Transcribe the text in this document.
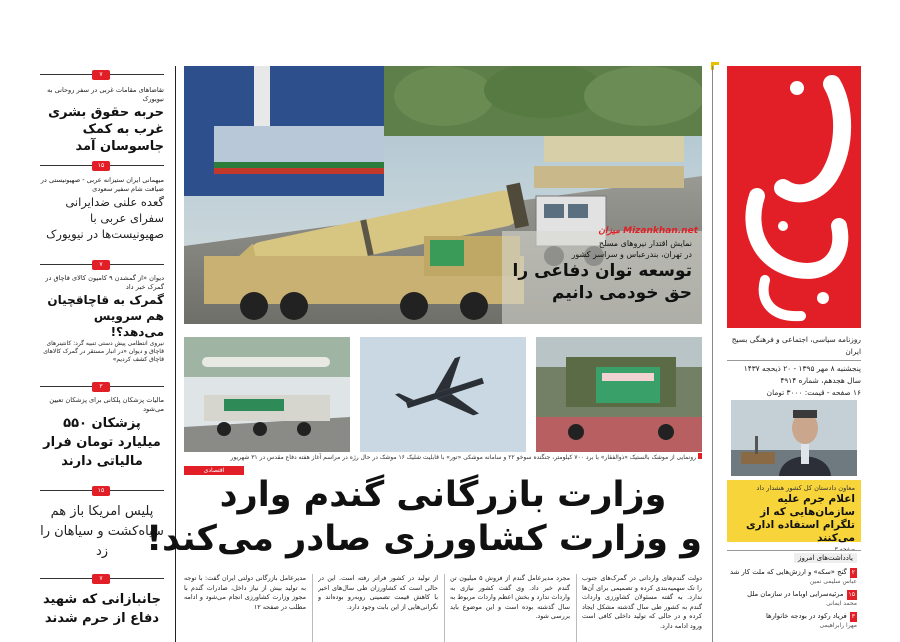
روزنامه سیاسی، اجتماعی و فرهنگی بسیج ایران
پنجشنبه ۸ مهر ۱۳۹۵ - ۲۰ ذیحجه ۱۴۳۷
سال هجدهم، شماره ۴۹۱۴
۱۶ صفحه - قیمت: ۳۰۰۰ تومان
معاون دادستان کل کشور هشدار داد
اعلام جرم علیه سازمان‌هایی که از تلگرام استفاده اداری می‌کنند
صفحه ۳
یادداشت‌های امروز
۲گنج «سکه» و ارزش‌هایی که ملت کار شد
عباس سلیمی نمین
۱۵مرثیه‌سرایی اوباما در سازمان ملل
محمد ایمانی
۳فریاد رکود در بودجه‌ خانوارها
مهرا رابراهیمی
۷
تقاضاهای مقامات غربی در سفر روحانی به نیویورک
حربه حقوق بشری غرب به کمک جاسوسان آمد
۱۵
میهمانی ایران ستیزانه عربی - صهیونیستی در ضیافت شام سفیر سعودی
گعده علنی ضدایرانی سفرای عربی با صهیونیست‌ها در نیویورک
۷
دیوان «از گمشدن ۹ کامیون کالای قاچاق در گمرک خبر داد
گمرک به قاچاقچیان هم سرویس می‌دهد؟!
نیروی انتظامی پیش دستی تنبیه گرد: کانتینرهای قاچاق و دیوان «در انبار مستقر در گمرک کالاهای قاچاق کشف کردیم»
۳
مالیات پزشکان پلکانی برای پزشکان تعیین می‌شود
پزشکان ۵۵۰ میلیارد تومان فرار مالیاتی دارند
۱۵
پلیس امریکا باز هم سیاه‌کشت و سیاهان را زد
۷
جانبازانی که شهید دفاع از حرم شدند
میزان Mizankhan.net
نمایش اقتدار نیروهای مسلح
در تهران، بندرعباس و سراسر کشور
توسعه توان دفاعی را
حق خودمی دانیم
رونمایی از موشک بالستیک «ذوالفقار» با برد ۷۰۰ کیلومتر، جنگنده سوخو ۲۲ و سامانه موشکی «تور» با قابلیت شلیک ۱۶ موشک در حال رژه در مراسم آغاز هفته دفاع مقدس در ۳۱ شهریور
اقتصادی
وزارت بازرگانی گندم وارد
و وزارت کشاورزی صادر می‌کند!
دولت گندم‌های وارداتی در گمرک‌های جنوب را تک سهمیه‌بندی کرده و تصمیمی برای آن‌ها ندارد. به گفته مسئولان کشاورزی واردات گندم به کشور طی سال گذشته مشکل ایجاد کرده و در حالی که تولید داخلی کافی است ورود ادامه دارد.
مجرد مدیرعامل گندم از فروش ۵ میلیون تن گندم خبر داد. وی گفت کشور نیازی به واردات ندارد و بخش اعظم واردات مربوط به سال گذشته بوده است و این موضوع باید بررسی شود.
از تولید در کشور فراتر رفته است. این در حالی است که کشاورزان طی سال‌های اخیر با کاهش قیمت تضمینی روبه‌رو بوده‌اند و نگرانی‌هایی از این بابت وجود دارد.
مدیرعامل بازرگانی دولتی ایران گفت: با توجه به تولید بیش از نیاز داخل، صادرات گندم با مجوز وزارت کشاورزی انجام می‌شود و ادامه مطلب در صفحه ۱۲
